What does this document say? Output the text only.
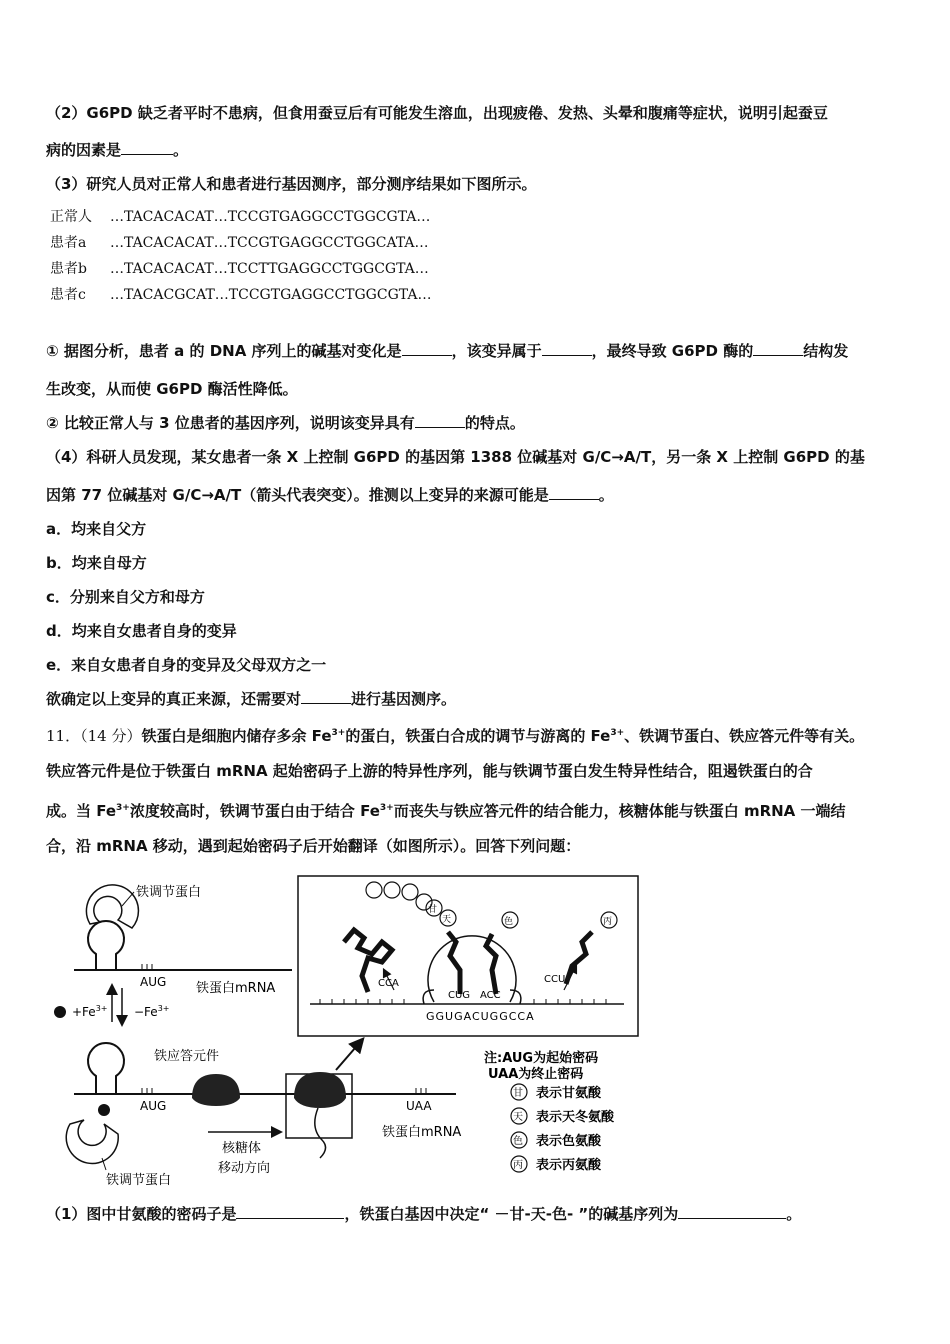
（2）G6PD 缺乏者平时不患病，但食用蚕豆后有可能发生溶血，出现疲倦、发热、头晕和腹痛等症状，说明引起蚕豆
病的因素是	。
（3）研究人员对正常人和患者进行基因测序，部分测序结果如下图所示。
正常人 …TACACACAT…TCCGTGAGGCCTGGCGTA…
患者a …TACACACAT…TCCGTGAGGCCTGGCATA…
患者b …TACACACAT…TCCTTGAGGCCTGGCGTA…
患者c …TACACGCAT…TCCGTGAGGCCTGGCGTA…
① 据图分析，患者 a 的 DNA 序列上的碱基对变化是	，该变异属于	，最终导致 G6PD 酶的	结构发
生改变，从而使 G6PD 酶活性降低。
② 比较正常人与 3 位患者的基因序列，说明该变异具有	的特点。
（4）科研人员发现，某女患者一条 X 上控制 G6PD 的基因第 1388 位碱基对 G/C→A/T，另一条 X 上控制 G6PD 的基
因第 77 位碱基对 G/C→A/T（箭头代表突变）。推测以上变异的来源可能是	。
a．均来自父方
b．均来自母方
c．分别来自父方和母方
d．均来自女患者自身的变异
e．来自女患者自身的变异及父母双方之一
欲确定以上变异的真正来源，还需要对	进行基因测序。
11．（14 分）铁蛋白是细胞内储存多余 $Fe^{3+}$的蛋白，铁蛋白合成的调节与游离的 $Fe^{3+}$、铁调节蛋白、铁应答元件等有关。
铁应答元件是位于铁蛋白 mRNA 起始密码子上游的特异性序列，能与铁调节蛋白发生特异性结合，阻遏铁蛋白的合
成。当 $Fe^{3+}$浓度较高时，铁调节蛋白由于结合 $Fe^{3+}$而丧失与铁应答元件的结合能力，核糖体能与铁蛋白 mRNA 一端结
合，沿 mRNA 移动，遇到起始密码子后开始翻译（如图所示）。回答下列问题：
铁调节蛋白
AUG 铁蛋白mRNA
$+Fe^{3+} -Fe^{3+}$
铁应答元件
AUG	UAA
铁蛋白mRNA
核糖体
移动方向
铁调节蛋白
GGUGACUGGCCA
CCA
CUG ACC
CCU
甘
天	色	丙
注:AUG为起始密码
UAA为终止密码
甘
天
色
丙
表示甘氨酸
表示天冬氨酸
表示色氨酸
表示丙氨酸
（1）图中甘氨酸的密码子是	，铁蛋白基因中决定“ －甘-天-色- ”的碱基序列为	。
